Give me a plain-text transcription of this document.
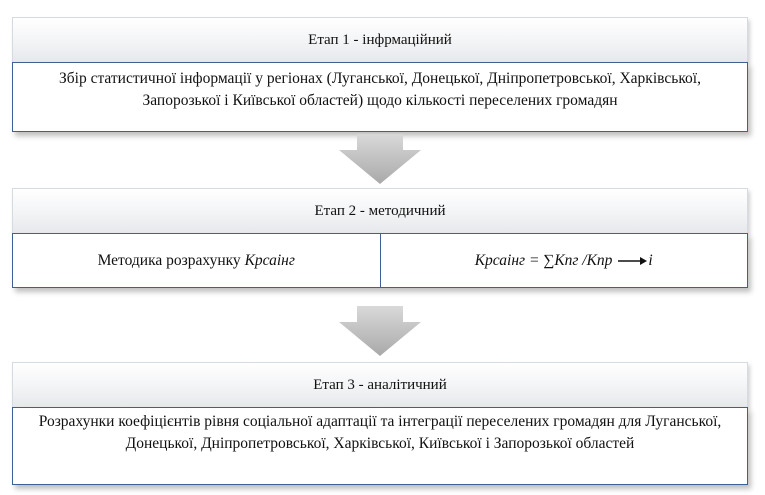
Етап 1 - інфрмаційний
Збір статистичної інформації у регіонах (Луганської, Донецької, Дніпропетровської, Харківської, Запорозької і Київської областей) щодо кількості переселених громадян
Етап 2 - методичний
Методика розрахунку
Крсаінг	Крсаінг = ∑Кпг /Кпр і
Етап 3 - аналітичний
Розрахунки коефіцієнтів рівня соціальної адаптації та інтеграції переселених громадян для Луганської, Донецької, Дніпропетровської, Харківської, Київської і Запорозької областей
